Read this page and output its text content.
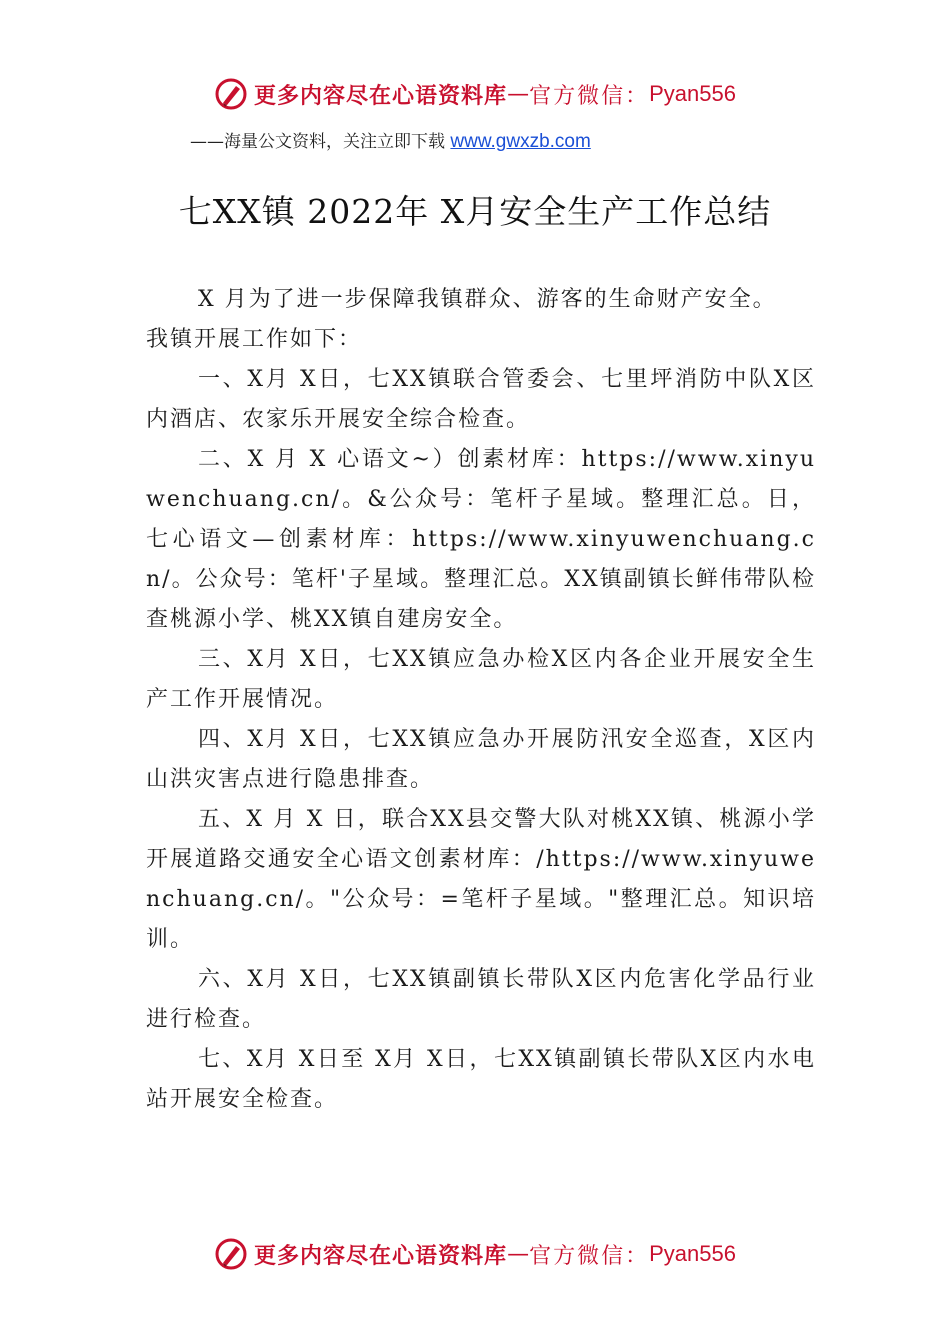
更多内容尽在心语资料库 — 官方微信： Pyan556
——海量公文资料，关注立即下载 www.gwxzb.com
七XX镇 2022年 X月安全生产工作总结

X 月为了进一步保障我镇群众、游客的生命财产安全。

我镇开展工作如下：

一、X月 X日，七XX镇联合管委会、七里坪消防中队X区内酒店、农家乐开展安全综合检查。

二、X 月 X 心语文~）创素材库：https://www.xinyuwenchuang.cn/。&公众号：笔杆子星域。整理汇总。日，七心语文—创素材库：https://www.xinyuwenchuang.cn/。公众号：笔杆'子星域。整理汇总。XX镇副镇长鲜伟带队检查桃源小学、桃XX镇自建房安全。

三、X月 X日，七XX镇应急办检X区内各企业开展安全生产工作开展情况。

四、X月 X日，七XX镇应急办开展防汛安全巡查，X区内山洪灾害点进行隐患排查。

五、X 月 X 日，联合XX县交警大队对桃XX镇、桃源小学开展道路交通安全心语文创素材库：/https://www.xinyuwenchuang.cn/。"公众号：=笔杆子星域。"整理汇总。知识培训。

六、X月 X日，七XX镇副镇长带队X区内危害化学品行业进行检查。

七、X月 X日至 X月 X日，七XX镇副镇长带队X区内水电站开展安全检查。

更多内容尽在心语资料库 — 官方微信： Pyan556
